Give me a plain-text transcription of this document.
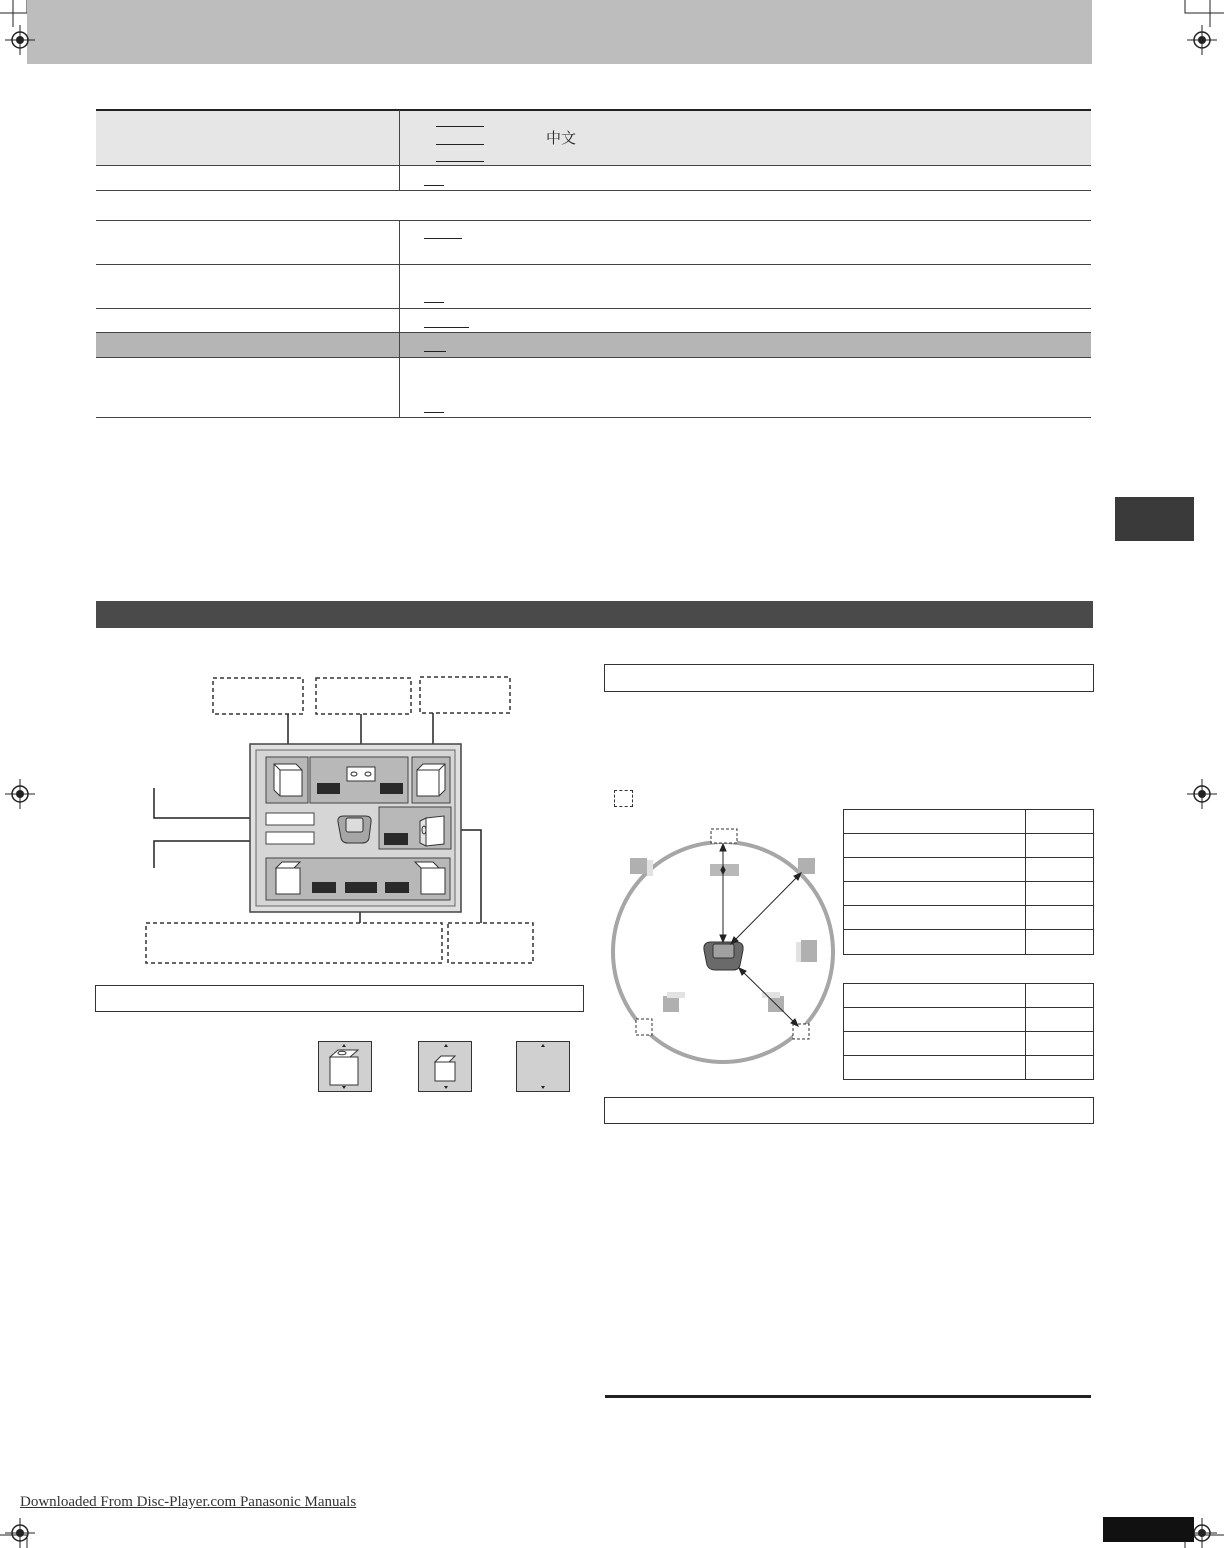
中文
Downloaded From Disc-Player.com Panasonic Manuals
